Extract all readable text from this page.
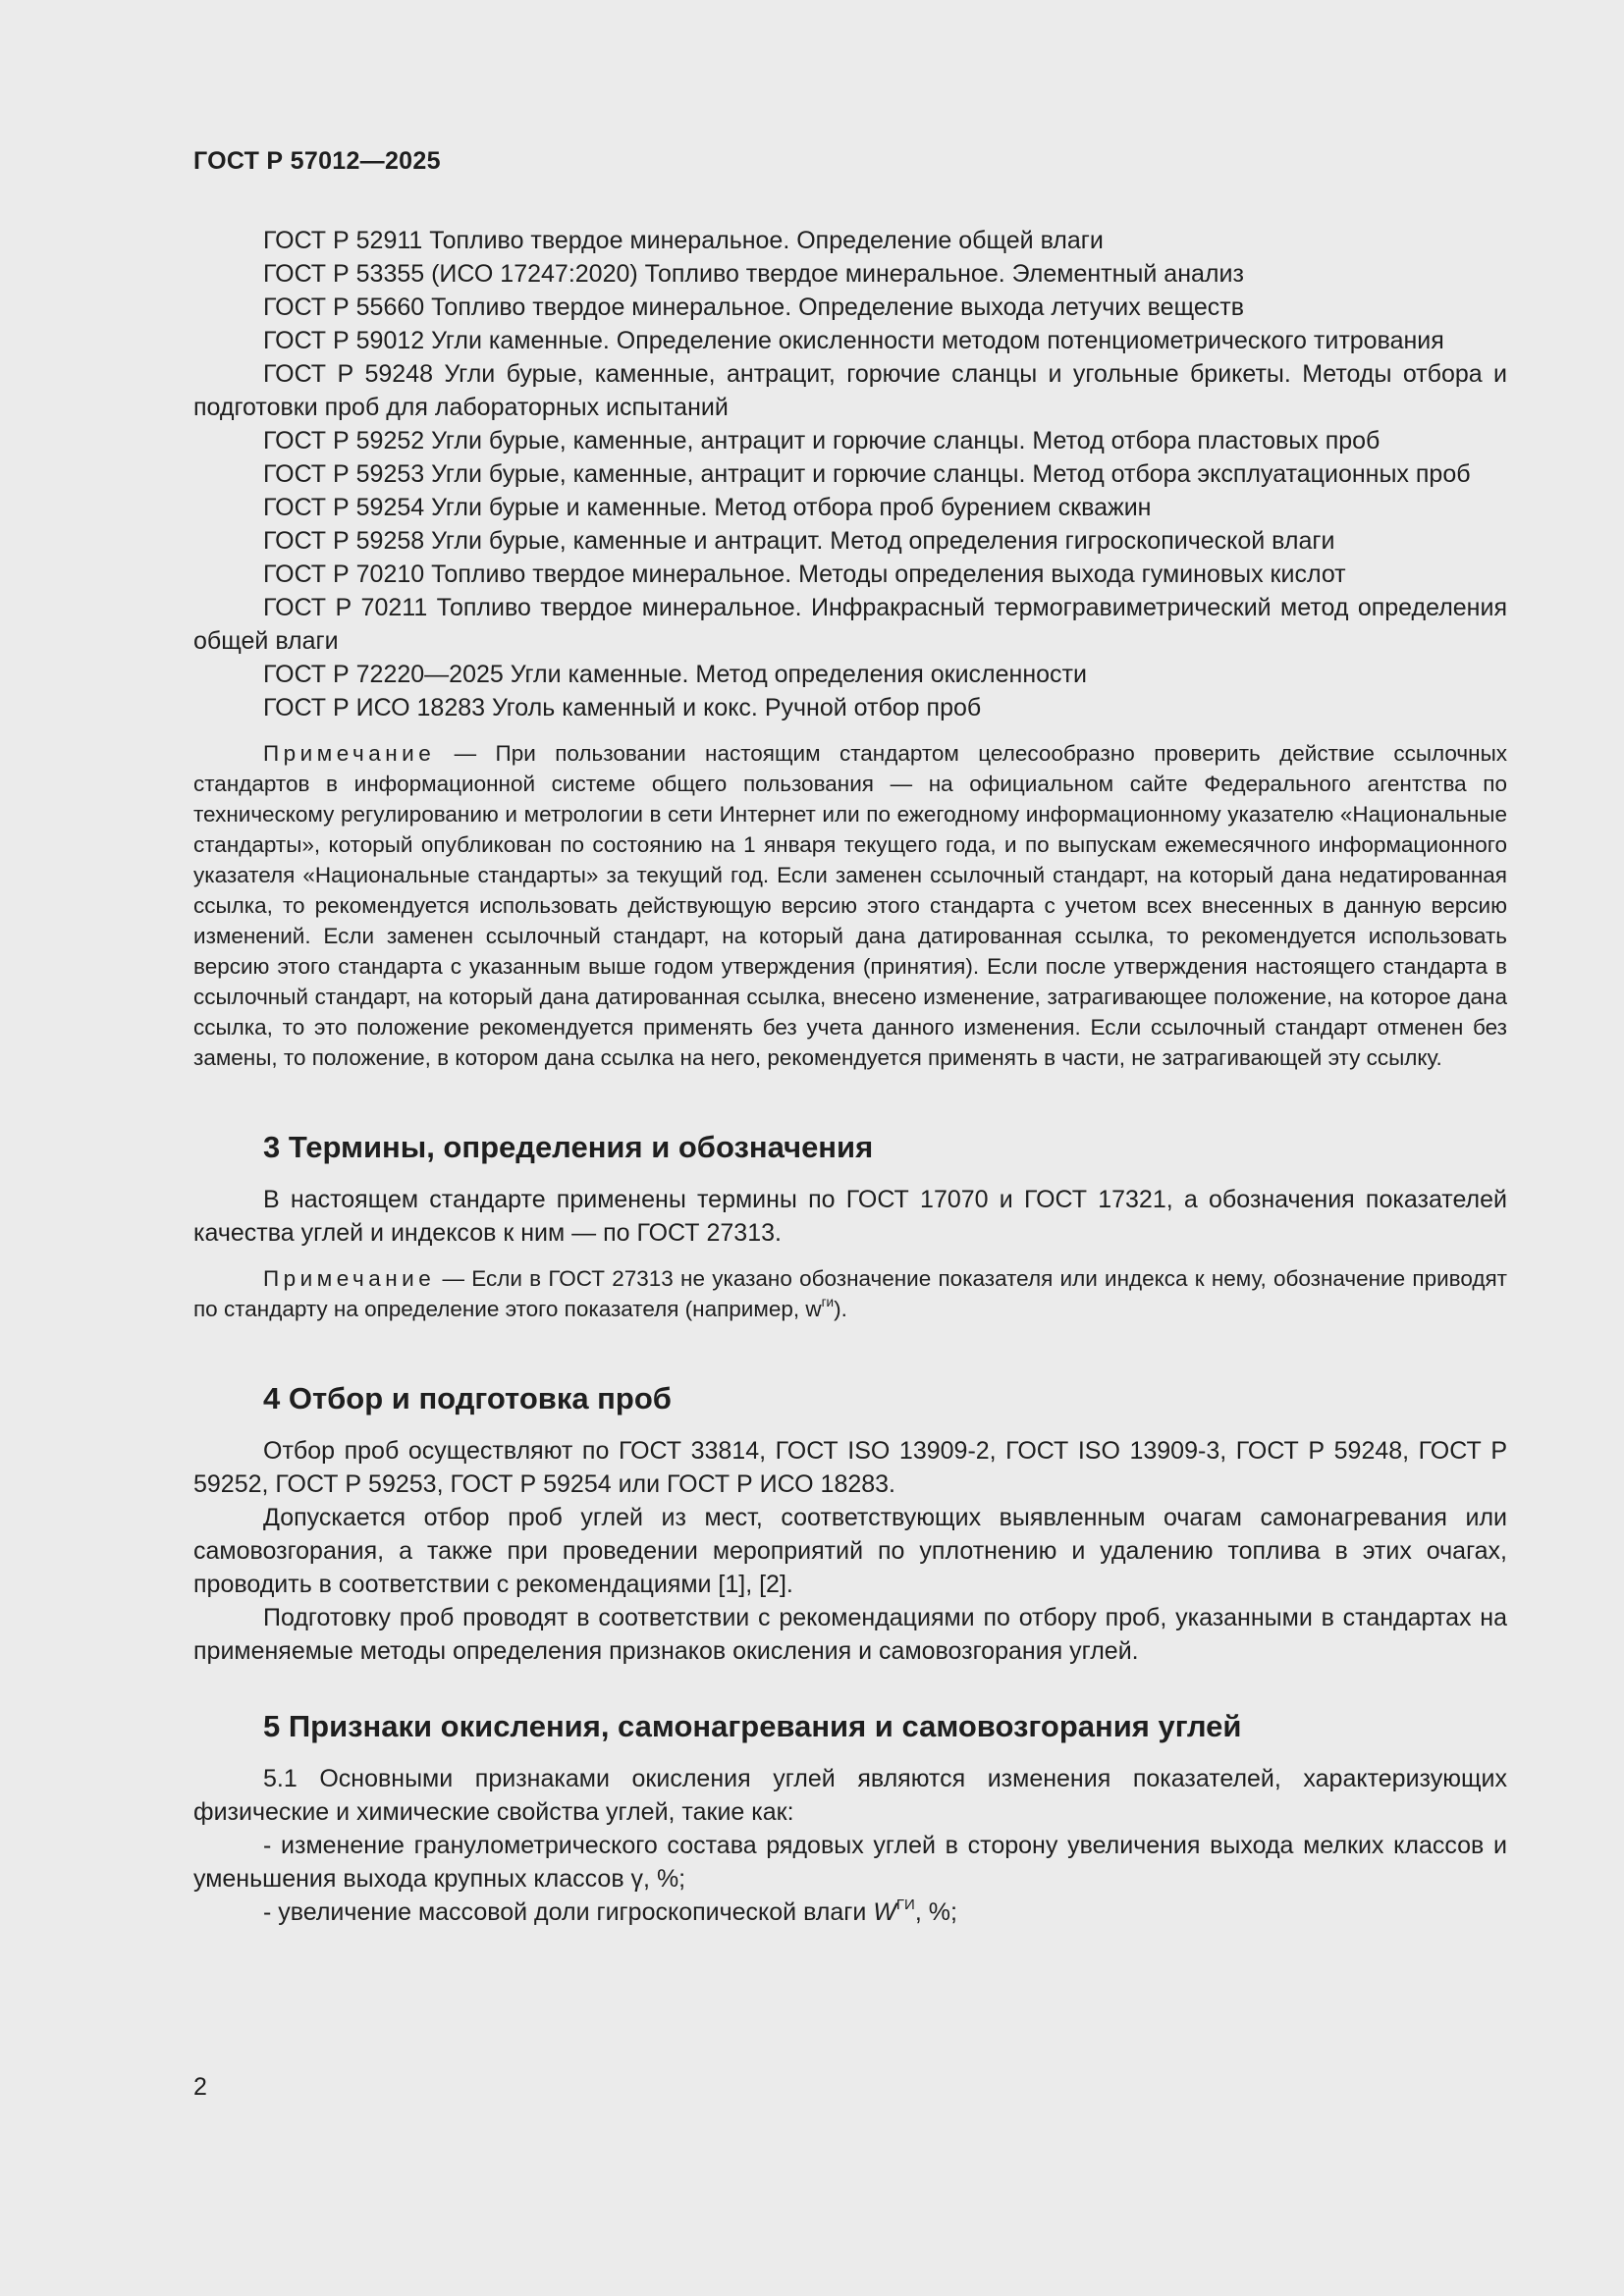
ГОСТ Р 57012—2025

ГОСТ Р 52911 Топливо твердое минеральное. Определение общей влаги

ГОСТ Р 53355 (ИСО 17247:2020) Топливо твердое минеральное. Элементный анализ

ГОСТ Р 55660 Топливо твердое минеральное. Определение выхода летучих веществ

ГОСТ Р 59012 Угли каменные. Определение окисленности методом потенциометрического титрования

ГОСТ Р 59248 Угли бурые, каменные, антрацит, горючие сланцы и угольные брикеты. Методы отбора и подготовки проб для лабораторных испытаний

ГОСТ Р 59252 Угли бурые, каменные, антрацит и горючие сланцы. Метод отбора пластовых проб

ГОСТ Р 59253 Угли бурые, каменные, антрацит и горючие сланцы. Метод отбора эксплуатационных проб

ГОСТ Р 59254 Угли бурые и каменные. Метод отбора проб бурением скважин

ГОСТ Р 59258 Угли бурые, каменные и антрацит. Метод определения гигроскопической влаги

ГОСТ Р 70210 Топливо твердое минеральное. Методы определения выхода гуминовых кислот

ГОСТ Р 70211 Топливо твердое минеральное. Инфракрасный термогравиметрический метод определения общей влаги

ГОСТ Р 72220—2025 Угли каменные. Метод определения окисленности

ГОСТ Р ИСО 18283 Уголь каменный и кокс. Ручной отбор проб

Примечание — При пользовании настоящим стандартом целесообразно проверить действие ссылочных стандартов в информационной системе общего пользования — на официальном сайте Федерального агентства по техническому регулированию и метрологии в сети Интернет или по ежегодному информационному указателю «Национальные стандарты», который опубликован по состоянию на 1 января текущего года, и по выпускам ежемесячного информационного указателя «Национальные стандарты» за текущий год. Если заменен ссылочный стандарт, на который дана недатированная ссылка, то рекомендуется использовать действующую версию этого стандарта с учетом всех внесенных в данную версию изменений. Если заменен ссылочный стандарт, на который дана датированная ссылка, то рекомендуется использовать версию этого стандарта с указанным выше годом утверждения (принятия). Если после утверждения настоящего стандарта в ссылочный стандарт, на который дана датированная ссылка, внесено изменение, затрагивающее положение, на которое дана ссылка, то это положение рекомендуется применять без учета данного изменения. Если ссылочный стандарт отменен без замены, то положение, в котором дана ссылка на него, рекомендуется применять в части, не затрагивающей эту ссылку.

3 Термины, определения и обозначения

В настоящем стандарте применены термины по ГОСТ 17070 и ГОСТ 17321, а обозначения показателей качества углей и индексов к ним — по ГОСТ 27313.

Примечание — Если в ГОСТ 27313 не указано обозначение показателя или индекса к нему, обозначение приводят по стандарту на определение этого показателя (например, $w^{ги}$).

4 Отбор и подготовка проб

Отбор проб осуществляют по ГОСТ 33814, ГОСТ ISO 13909-2, ГОСТ ISO 13909-3, ГОСТ Р 59248, ГОСТ Р 59252, ГОСТ Р 59253, ГОСТ Р 59254 или ГОСТ Р ИСО 18283.

Допускается отбор проб углей из мест, соответствующих выявленным очагам самонагревания или самовозгорания, а также при проведении мероприятий по уплотнению и удалению топлива в этих очагах, проводить в соответствии с рекомендациями [1], [2].

Подготовку проб проводят в соответствии с рекомендациями по отбору проб, указанными в стандартах на применяемые методы определения признаков окисления и самовозгорания углей.

5 Признаки окисления, самонагревания и самовозгорания углей

5.1 Основными признаками окисления углей являются изменения показателей, характеризующих физические и химические свойства углей, такие как:

- изменение гранулометрического состава рядовых углей в сторону увеличения выхода мелких классов и уменьшения выхода крупных классов γ, %;

- увеличение массовой доли гигроскопической влаги $W^{ГИ}$, %;

2
